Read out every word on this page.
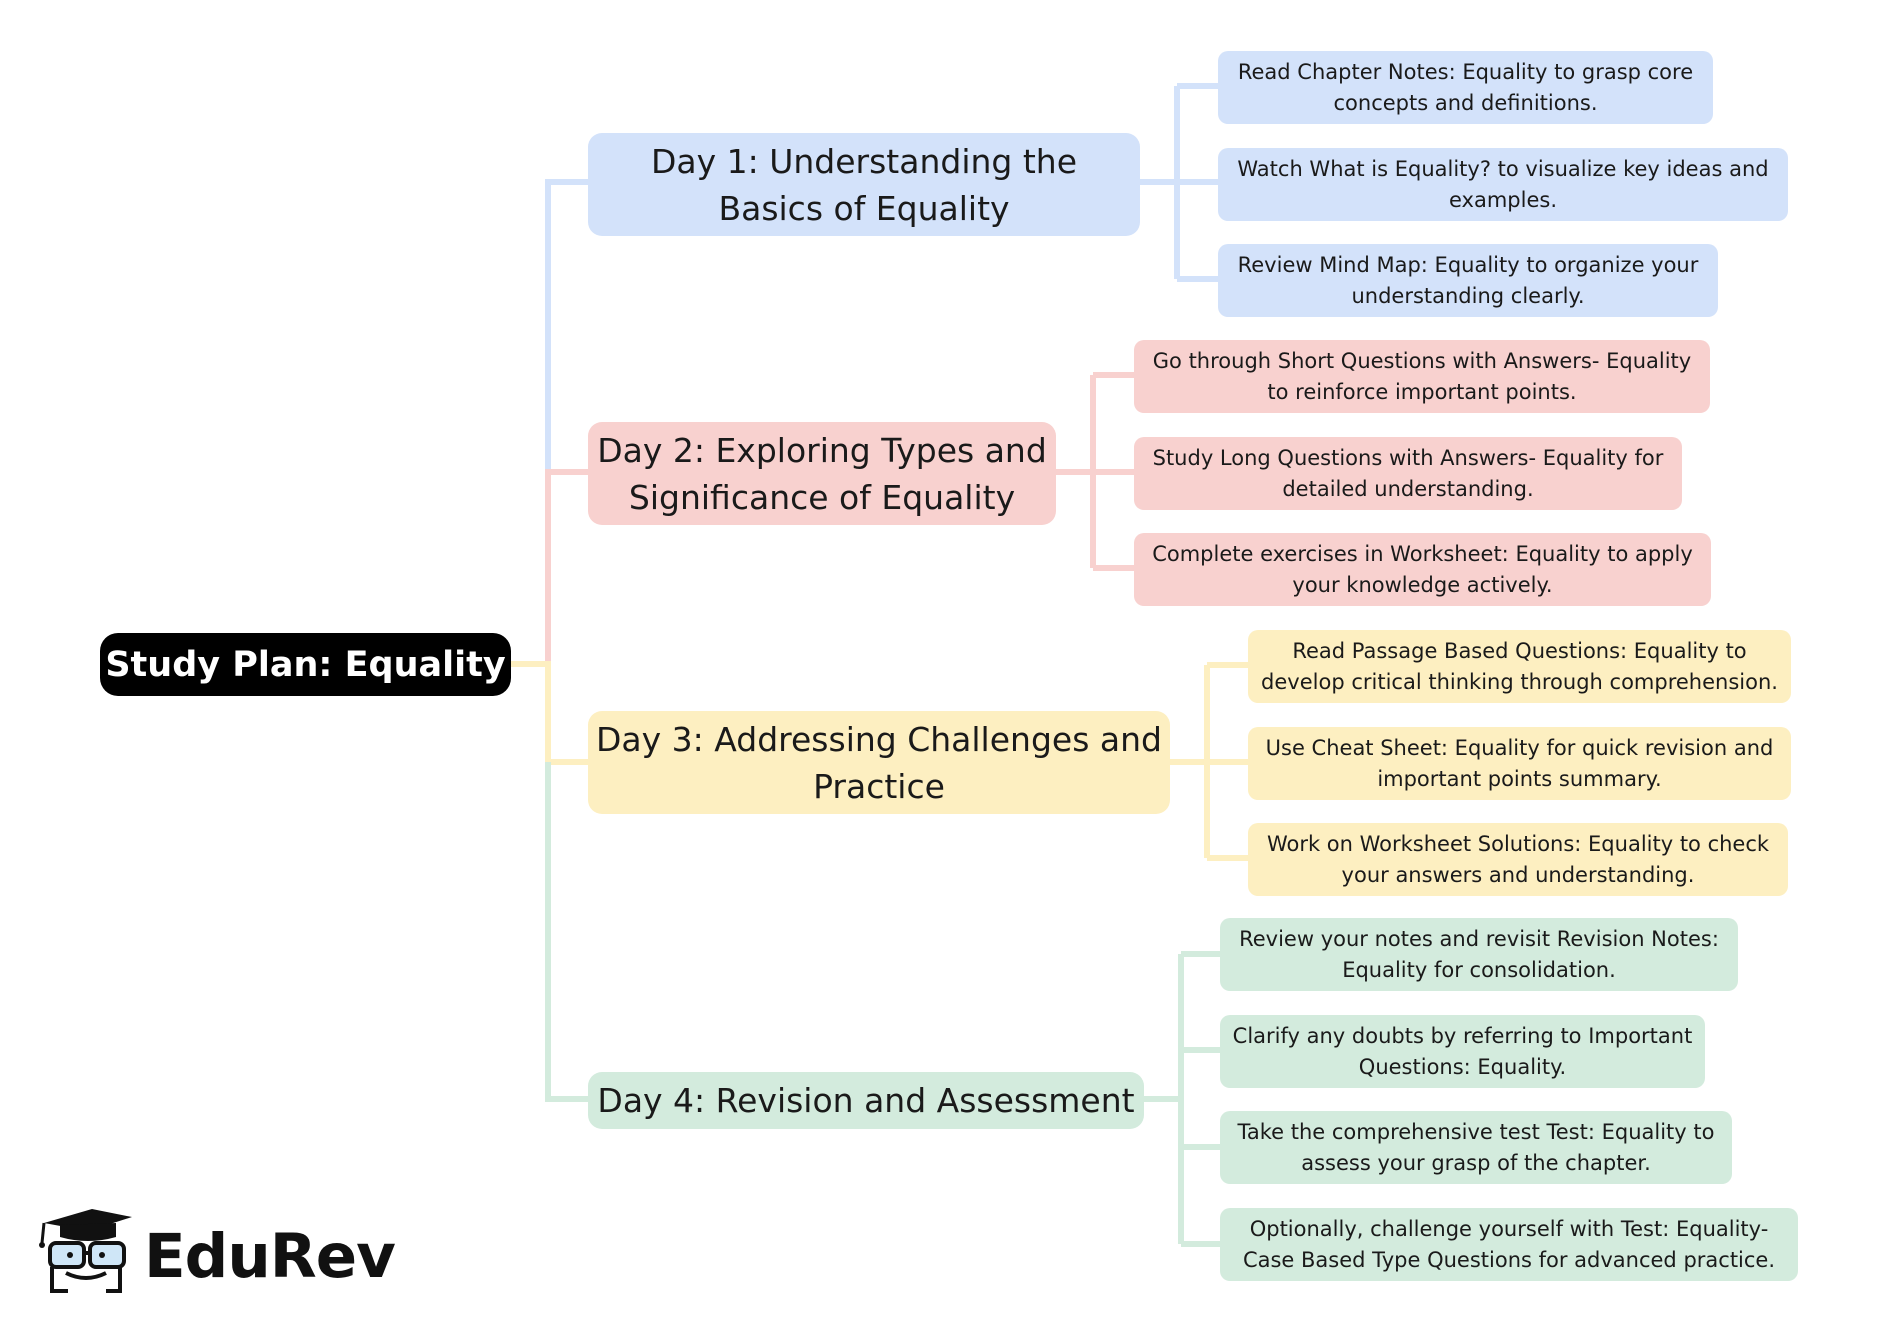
Study Plan: Equality
Day 1: Understanding the Basics of Equality
Read Chapter Notes: Equality to grasp core concepts and definitions.
Watch What is Equality? to visualize key ideas and examples.
Review Mind Map: Equality to organize your understanding clearly.
Day 2: Exploring Types and Significance of Equality
Go through Short Questions with Answers- Equality to reinforce important points.
Study Long Questions with Answers- Equality for detailed understanding.
Complete exercises in Worksheet: Equality to apply your knowledge actively.
Day 3: Addressing Challenges and Practice
Read Passage Based Questions: Equality to develop critical thinking through comprehension.
Use Cheat Sheet: Equality for quick revision and important points summary.
Work on Worksheet Solutions: Equality to check your answers and understanding.
Day 4: Revision and Assessment
Review your notes and revisit Revision Notes: Equality for consolidation.
Clarify any doubts by referring to Important Questions: Equality.
Take the comprehensive test Test: Equality to assess your grasp of the chapter.
Optionally, challenge yourself with Test: Equality- Case Based Type Questions for advanced practice.
EduRev
